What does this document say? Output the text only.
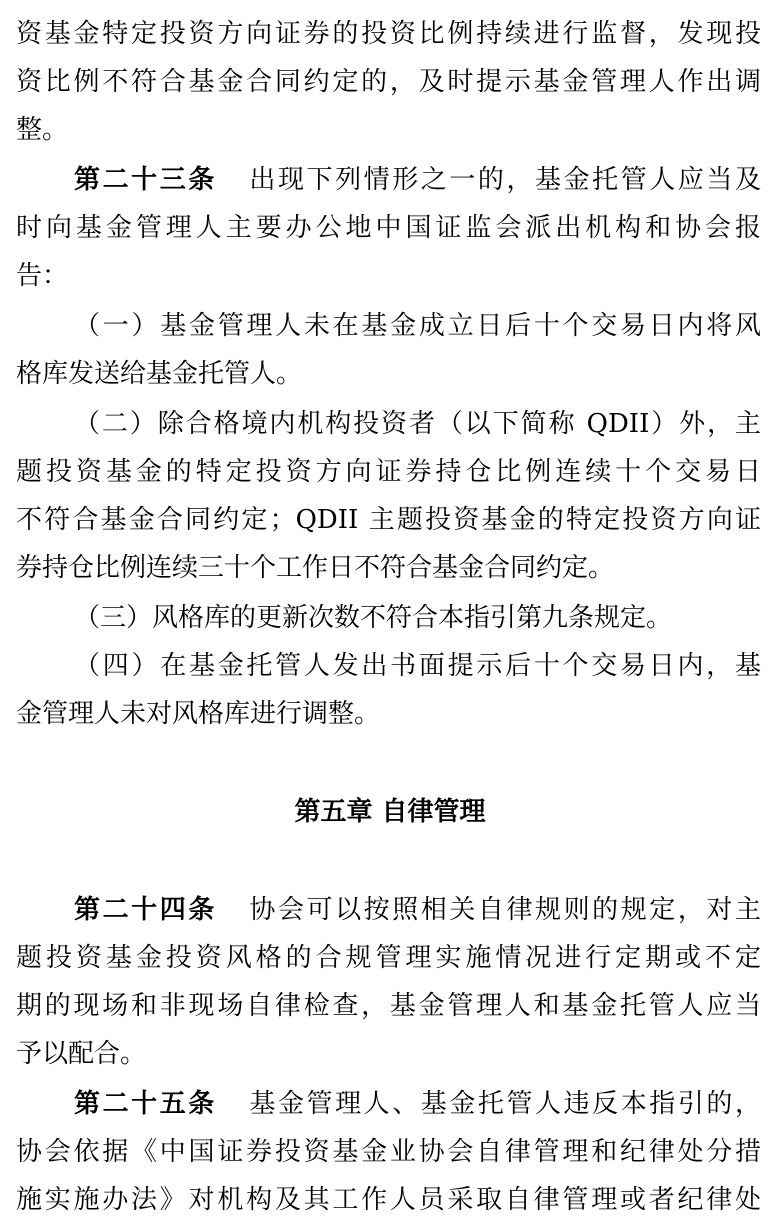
资基金特定投资方向证券的投资比例持续进行监督，发现投
资比例不符合基金合同约定的，及时提示基金管理人作出调
整。
第二十三条 出现下列情形之一的，基金托管人应当及
时向基金管理人主要办公地中国证监会派出机构和协会报
告：
（一）基金管理人未在基金成立日后十个交易日内将风
格库发送给基金托管人。
（二）除合格境内机构投资者（以下简称 QDII）外，主
题投资基金的特定投资方向证券持仓比例连续十个交易日
不符合基金合同约定；QDII 主题投资基金的特定投资方向证
券持仓比例连续三十个工作日不符合基金合同约定。
（三）风格库的更新次数不符合本指引第九条规定。
（四）在基金托管人发出书面提示后十个交易日内，基
金管理人未对风格库进行调整。
第五章 自律管理
第二十四条 协会可以按照相关自律规则的规定，对主
题投资基金投资风格的合规管理实施情况进行定期或不定
期的现场和非现场自律检查，基金管理人和基金托管人应当
予以配合。
第二十五条 基金管理人、基金托管人违反本指引的，
协会依据《中国证券投资基金业协会自律管理和纪律处分措
施实施办法》对机构及其工作人员采取自律管理或者纪律处
